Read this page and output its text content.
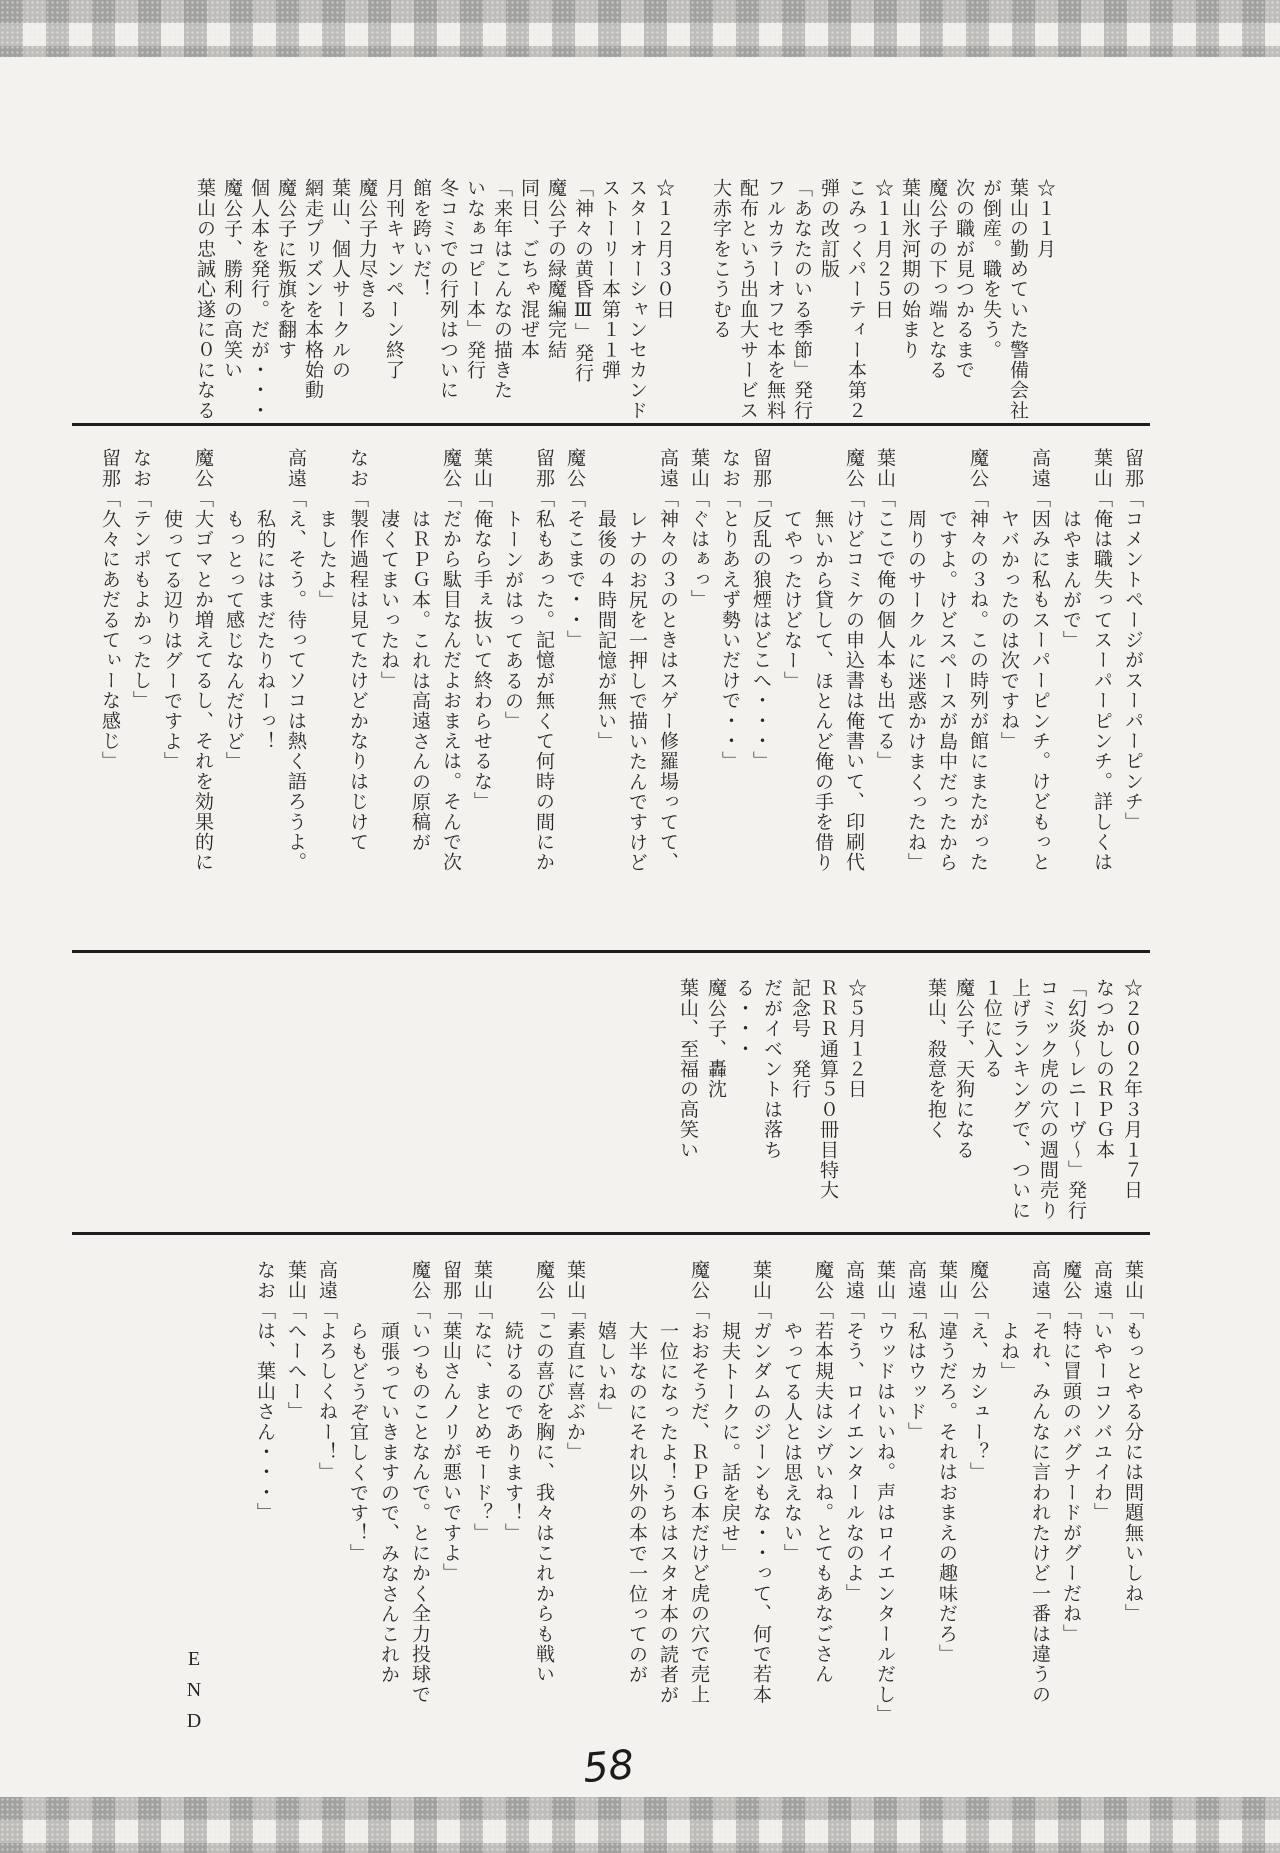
☆１１月
葉山の勤めていた警備会社
が倒産。職を失う。
次の職が見つかるまで
魔公子の下っ端となる
葉山氷河期の始まり
☆１１月２５日
こみっくパーティー本第２
弾の改訂版
「あなたのいる季節」発行
フルカラーオフセ本を無料
配布という出血大サービス
大赤字をこうむる
☆１２月３０日
スターオーシャンセカンド
ストーリー本第１１弾
「神々の黄昏Ⅲ」発行
魔公子の緑魔編完結
同日、ごちゃ混ぜ本
「来年はこんなの描きた
いなぁコピー本」発行
冬コミでの行列はついに
館を跨いだ！
月刊キャンペーン終了
魔公子力尽きる
葉山、個人サークルの
網走プリズンを本格始動
魔公子に叛旗を翻す
個人本を発行。だが・・・
魔公子、勝利の高笑い
葉山の忠誠心遂に０になる
留那「コメントページがスーパーピンチ」
葉山「俺は職失ってスーパーピンチ。詳しくは
はやまんがで」
高遠「因みに私もスーパーピンチ。けどもっと
ヤバかったのは次ですね」
魔公「神々の３ね。この時列が館にまたがった
ですよ。けどスペースが島中だったから
周りのサークルに迷惑かけまくったね」
葉山「ここで俺の個人本も出てる」
魔公「けどコミケの申込書は俺書いて、印刷代
無いから貸して、ほとんど俺の手を借り
てやったけどなー」
留那「反乱の狼煙はどこへ・・・」
なお「とりあえず勢いだけで・・」
葉山「ぐはぁっ」
高遠「神々の３のときはスゲー修羅場ってて、
レナのお尻を一押しで描いたんですけど
最後の４時間記憶が無い」
魔公「そこまで・・」
留那「私もあった。記憶が無くて何時の間にか
トーンがはってあるの」
葉山「俺なら手ぇ抜いて終わらせるな」
魔公「だから駄目なんだよおまえは。そんで次
はＲＰＧ本。これは高遠さんの原稿が
凄くてまいったね」
なお「製作過程は見てたけどかなりはじけて
ましたよ」
高遠「え、そう。待ってソコは熱く語ろうよ。
私的にはまだたりねーっ！
もっとって感じなんだけど」
魔公「大ゴマとか増えてるし、それを効果的に
使ってる辺りはグーですよ」
なお「テンポもよかったし」
留那「久々にあだるてぃーな感じ」
☆２００２年３月１７日
なつかしのＲＰＧ本
「幻炎～レニーヴ～」発行
コミック虎の穴の週間売り
上げランキングで、ついに
１位に入る
魔公子、天狗になる
葉山、殺意を抱く
☆５月１２日
ＲＲＲ通算５０冊目特大
記念号　発行
だがイベントは落ちる・・・
魔公子、轟沈
葉山、至福の高笑い
葉山「もっとやる分には問題無いしね」
高遠「いやーコソバユイわ」
魔公「特に冒頭のバグナードがグーだね」
高遠「それ、みんなに言われたけど一番は違うの
よね」
魔公「え、カシュー？」
葉山「違うだろ。それはおまえの趣味だろ」
高遠「私はウッド」
葉山「ウッドはいいね。声はロイエンタールだし」
高遠「そう、ロイエンタールなのよ」
魔公「若本規夫はシヴいね。とてもあなごさん
やってる人とは思えない」
葉山「ガンダムのジーンもな・・って、何で若本
規夫トークに。話を戻せ」
魔公「おおそうだ、ＲＰＧ本だけど虎の穴で売上
一位になったよ！うちはスタオ本の読者が
大半なのにそれ以外の本で一位ってのが
嬉しいね」
葉山「素直に喜ぶか」
魔公「この喜びを胸に、我々はこれからも戦い
続けるのであります！」
葉山「なに、まとめモード？」
留那「葉山さんノリが悪いですよ」
魔公「いつものことなんで。とにかく全力投球で
頑張っていきますので、みなさんこれか
らもどうぞ宜しくです！」
高遠「よろしくねー！」
葉山「へーへー」
なお「は、葉山さん・・・」
END
58
